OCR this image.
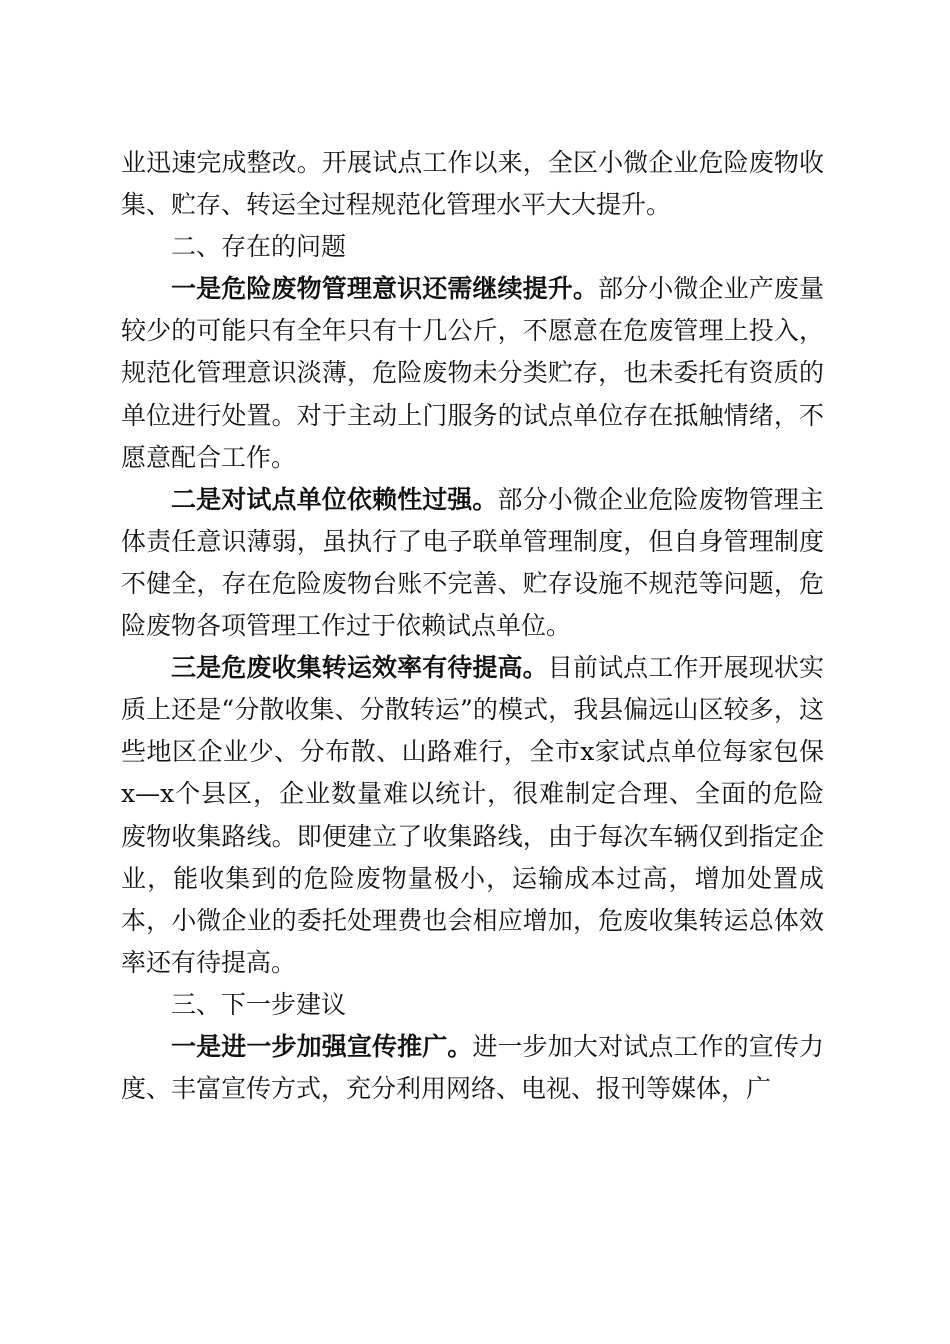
业迅速完成整改。开展试点工作以来，全区小微企业危险废物收集、贮存、转运全过程规范化管理水平大大提升。

二、存在的问题

一是危险废物管理意识还需继续提升。部分小微企业产废量较少的可能只有全年只有十几公斤，不愿意在危废管理上投入，规范化管理意识淡薄，危险废物未分类贮存，也未委托有资质的单位进行处置。对于主动上门服务的试点单位存在抵触情绪，不愿意配合工作。

二是对试点单位依赖性过强。部分小微企业危险废物管理主体责任意识薄弱，虽执行了电子联单管理制度，但自身管理制度不健全，存在危险废物台账不完善、贮存设施不规范等问题，危险废物各项管理工作过于依赖试点单位。

三是危废收集转运效率有待提高。目前试点工作开展现状实质上还是“分散收集、分散转运”的模式，我县偏远山区较多，这些地区企业少、分布散、山路难行，全市x家试点单位每家包保x—x个县区，企业数量难以统计，很难制定合理、全面的危险废物收集路线。即便建立了收集路线，由于每次车辆仅到指定企业，能收集到的危险废物量极小，运输成本过高，增加处置成本，小微企业的委托处理费也会相应增加，危废收集转运总体效率还有待提高。

三、下一步建议

一是进一步加强宣传推广。进一步加大对试点工作的宣传力度、丰富宣传方式，充分利用网络、电视、报刊等媒体，广
